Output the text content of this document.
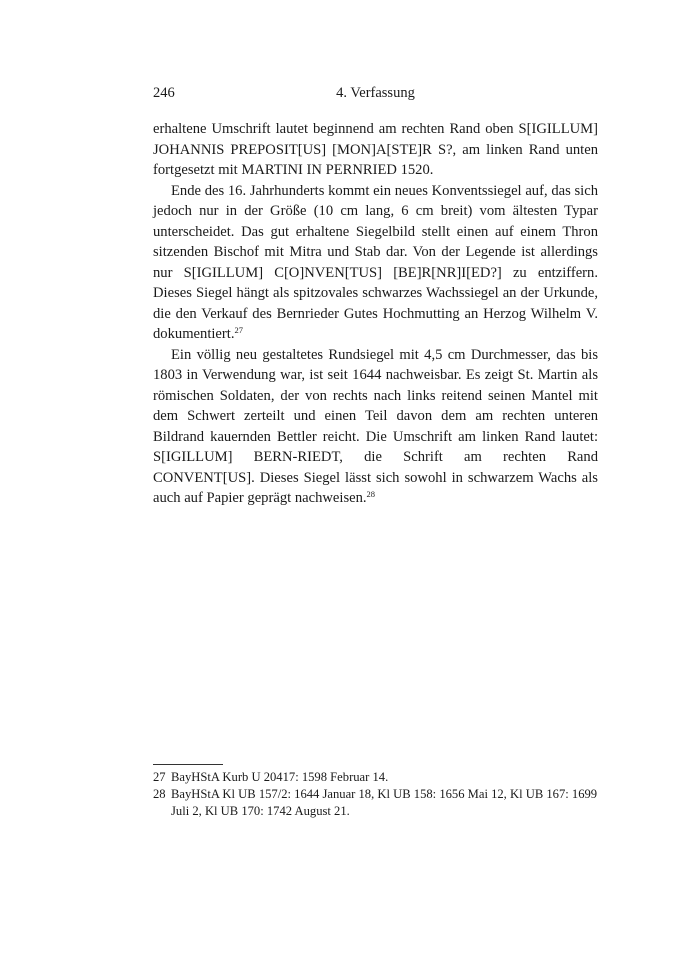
246	4. Verfassung

erhaltene Umschrift lautet beginnend am rechten Rand oben S[IGILLUM] JOHANNIS PREPOSIT[US] [MON]A[STE]R S?, am linken Rand unten fortgesetzt mit MARTINI IN PERNRIED 1520.

Ende des 16. Jahrhunderts kommt ein neues Konventssiegel auf, das sich jedoch nur in der Größe (10 cm lang, 6 cm breit) vom ältesten Typar unterscheidet. Das gut erhaltene Siegelbild stellt einen auf einem Thron sitzenden Bischof mit Mitra und Stab dar. Von der Legende ist allerdings nur S[IGILLUM] C[O]NVEN[TUS] [BE]R[NR]I[ED?] zu entziffern. Dieses Siegel hängt als spitzovales schwarzes Wachssiegel an der Urkunde, die den Verkauf des Bernrieder Gutes Hochmutting an Herzog Wilhelm V. dokumentiert.$^{27}$

Ein völlig neu gestaltetes Rundsiegel mit 4,5 cm Durchmesser, das bis 1803 in Verwendung war, ist seit 1644 nachweisbar. Es zeigt St. Martin als römischen Soldaten, der von rechts nach links reitend seinen Mantel mit dem Schwert zerteilt und einen Teil davon dem am rechten unteren Bildrand kauernden Bettler reicht. Die Umschrift am linken Rand lautet: S[IGILLUM] BERN-RIEDT, die Schrift am rechten Rand CONVENT[US]. Dieses Siegel lässt sich sowohl in schwarzem Wachs als auch auf Papier geprägt nachweisen.$^{28}$

27 BayHStA Kurb U 20417: 1598 Februar 14.

28 BayHStA Kl UB 157/2: 1644 Januar 18, Kl UB 158: 1656 Mai 12, Kl UB 167: 1699 Juli 2, Kl UB 170: 1742 August 21.
